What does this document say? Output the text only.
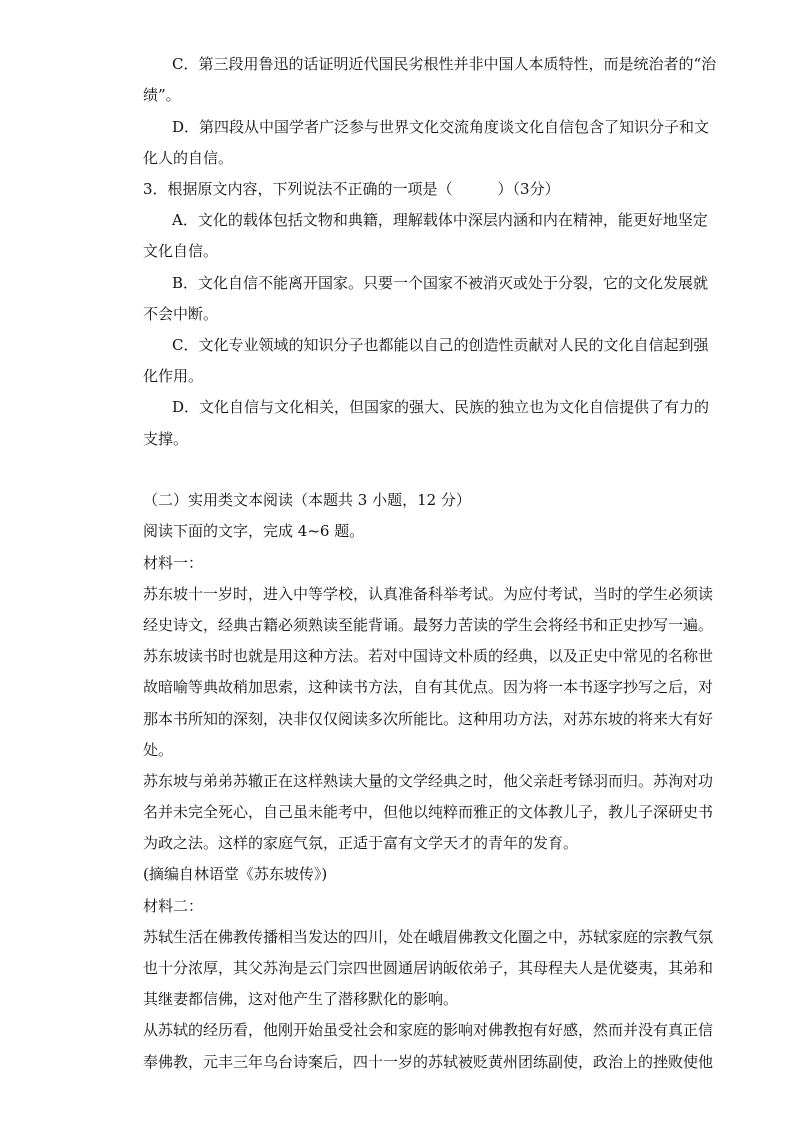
C．第三段用鲁迅的话证明近代国民劣根性并非中国人本质特性，而是统治者的“治
绩”。
D．第四段从中国学者广泛参与世界文化交流角度谈文化自信包含了知识分子和文
化人的自信。
3．根据原文内容，下列说法不正确的一项是（　　　）（3分）
A．文化的载体包括文物和典籍，理解载体中深层内涵和内在精神，能更好地坚定
文化自信。
B．文化自信不能离开国家。只要一个国家不被消灭或处于分裂，它的文化发展就
不会中断。
C．文化专业领域的知识分子也都能以自己的创造性贡献对人民的文化自信起到强
化作用。
D．文化自信与文化相关，但国家的强大、民族的独立也为文化自信提供了有力的
支撑。
（二）实用类文本阅读（本题共 3 小题，12 分）
阅读下面的文字，完成 4~6 题。
材料一：
苏东坡十一岁时，进入中等学校，认真准备科举考试。为应付考试，当时的学生必须读
经史诗文，经典古籍必须熟读至能背诵。最努力苦读的学生会将经书和正史抄写一遍。
苏东坡读书时也就是用这种方法。若对中国诗文朴质的经典，以及正史中常见的名称世
故暗喻等典故稍加思索，这种读书方法，自有其优点。因为将一本书逐字抄写之后，对
那本书所知的深刻，决非仅仅阅读多次所能比。这种用功方法，对苏东坡的将来大有好
处。
苏东坡与弟弟苏辙正在这样熟读大量的文学经典之时，他父亲赶考铩羽而归。苏洵对功
名并未完全死心，自己虽未能考中，但他以纯粹而雅正的文体教儿子，教儿子深研史书
为政之法。这样的家庭气氛，正适于富有文学天才的青年的发育。
(摘编自林语堂《苏东坡传》)
材料二：
苏轼生活在佛教传播相当发达的四川，处在峨眉佛教文化圈之中，苏轼家庭的宗教气氛
也十分浓厚，其父苏洵是云门宗四世圆通居讷皈依弟子，其母程夫人是优婆夷，其弟和
其继妻都信佛，这对他产生了潜移默化的影响。
从苏轼的经历看，他刚开始虽受社会和家庭的影响对佛教抱有好感，然而并没有真正信
奉佛教，元丰三年乌台诗案后，四十一岁的苏轼被贬黄州团练副使，政治上的挫败使他
